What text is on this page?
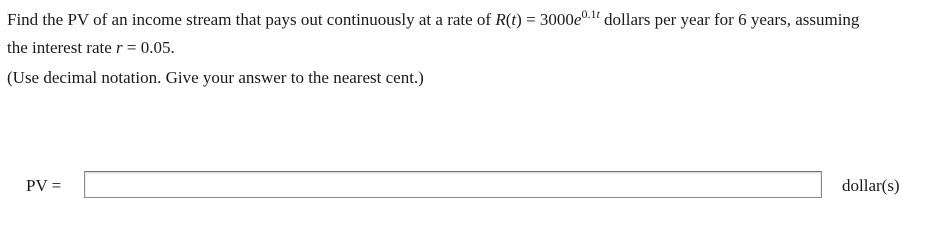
Find the PV of an income stream that pays out continuously at a rate of $R(t) = 3000e^{0.1t}$ dollars per year for 6 years, assuming
the interest rate r = 0.05.
(Use decimal notation. Give your answer to the nearest cent.)
PV =	dollar(s)
